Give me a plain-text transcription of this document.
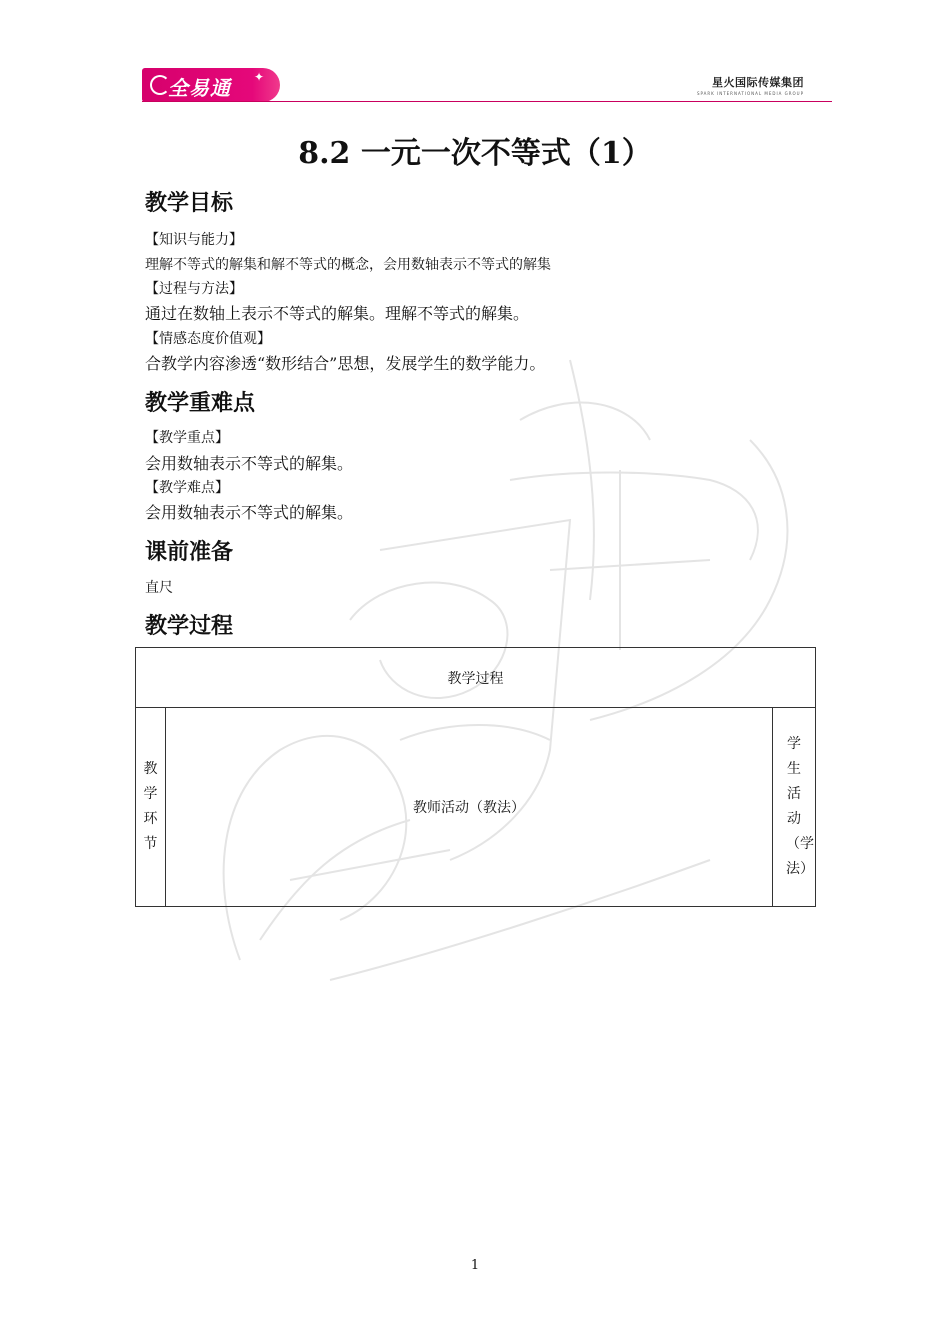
全易通 ✦	星火国际传媒集团
SPARK INTERNATIONAL MEDIA GROUP
8.2 一元一次不等式（1）
教学目标
【知识与能力】
理解不等式的解集和解不等式的概念，会用数轴表示不等式的解集
【过程与方法】
通过在数轴上表示不等式的解集。理解不等式的解集。
【情感态度价值观】
合教学内容渗透“数形结合”思想，发展学生的数学能力。
教学重难点
【教学重点】
会用数轴表示不等式的解集。
【教学难点】
会用数轴表示不等式的解集。
课前准备
直尺
教学过程
教学过程
教学环节	教师活动（教法）	学生活动（学法）
1
